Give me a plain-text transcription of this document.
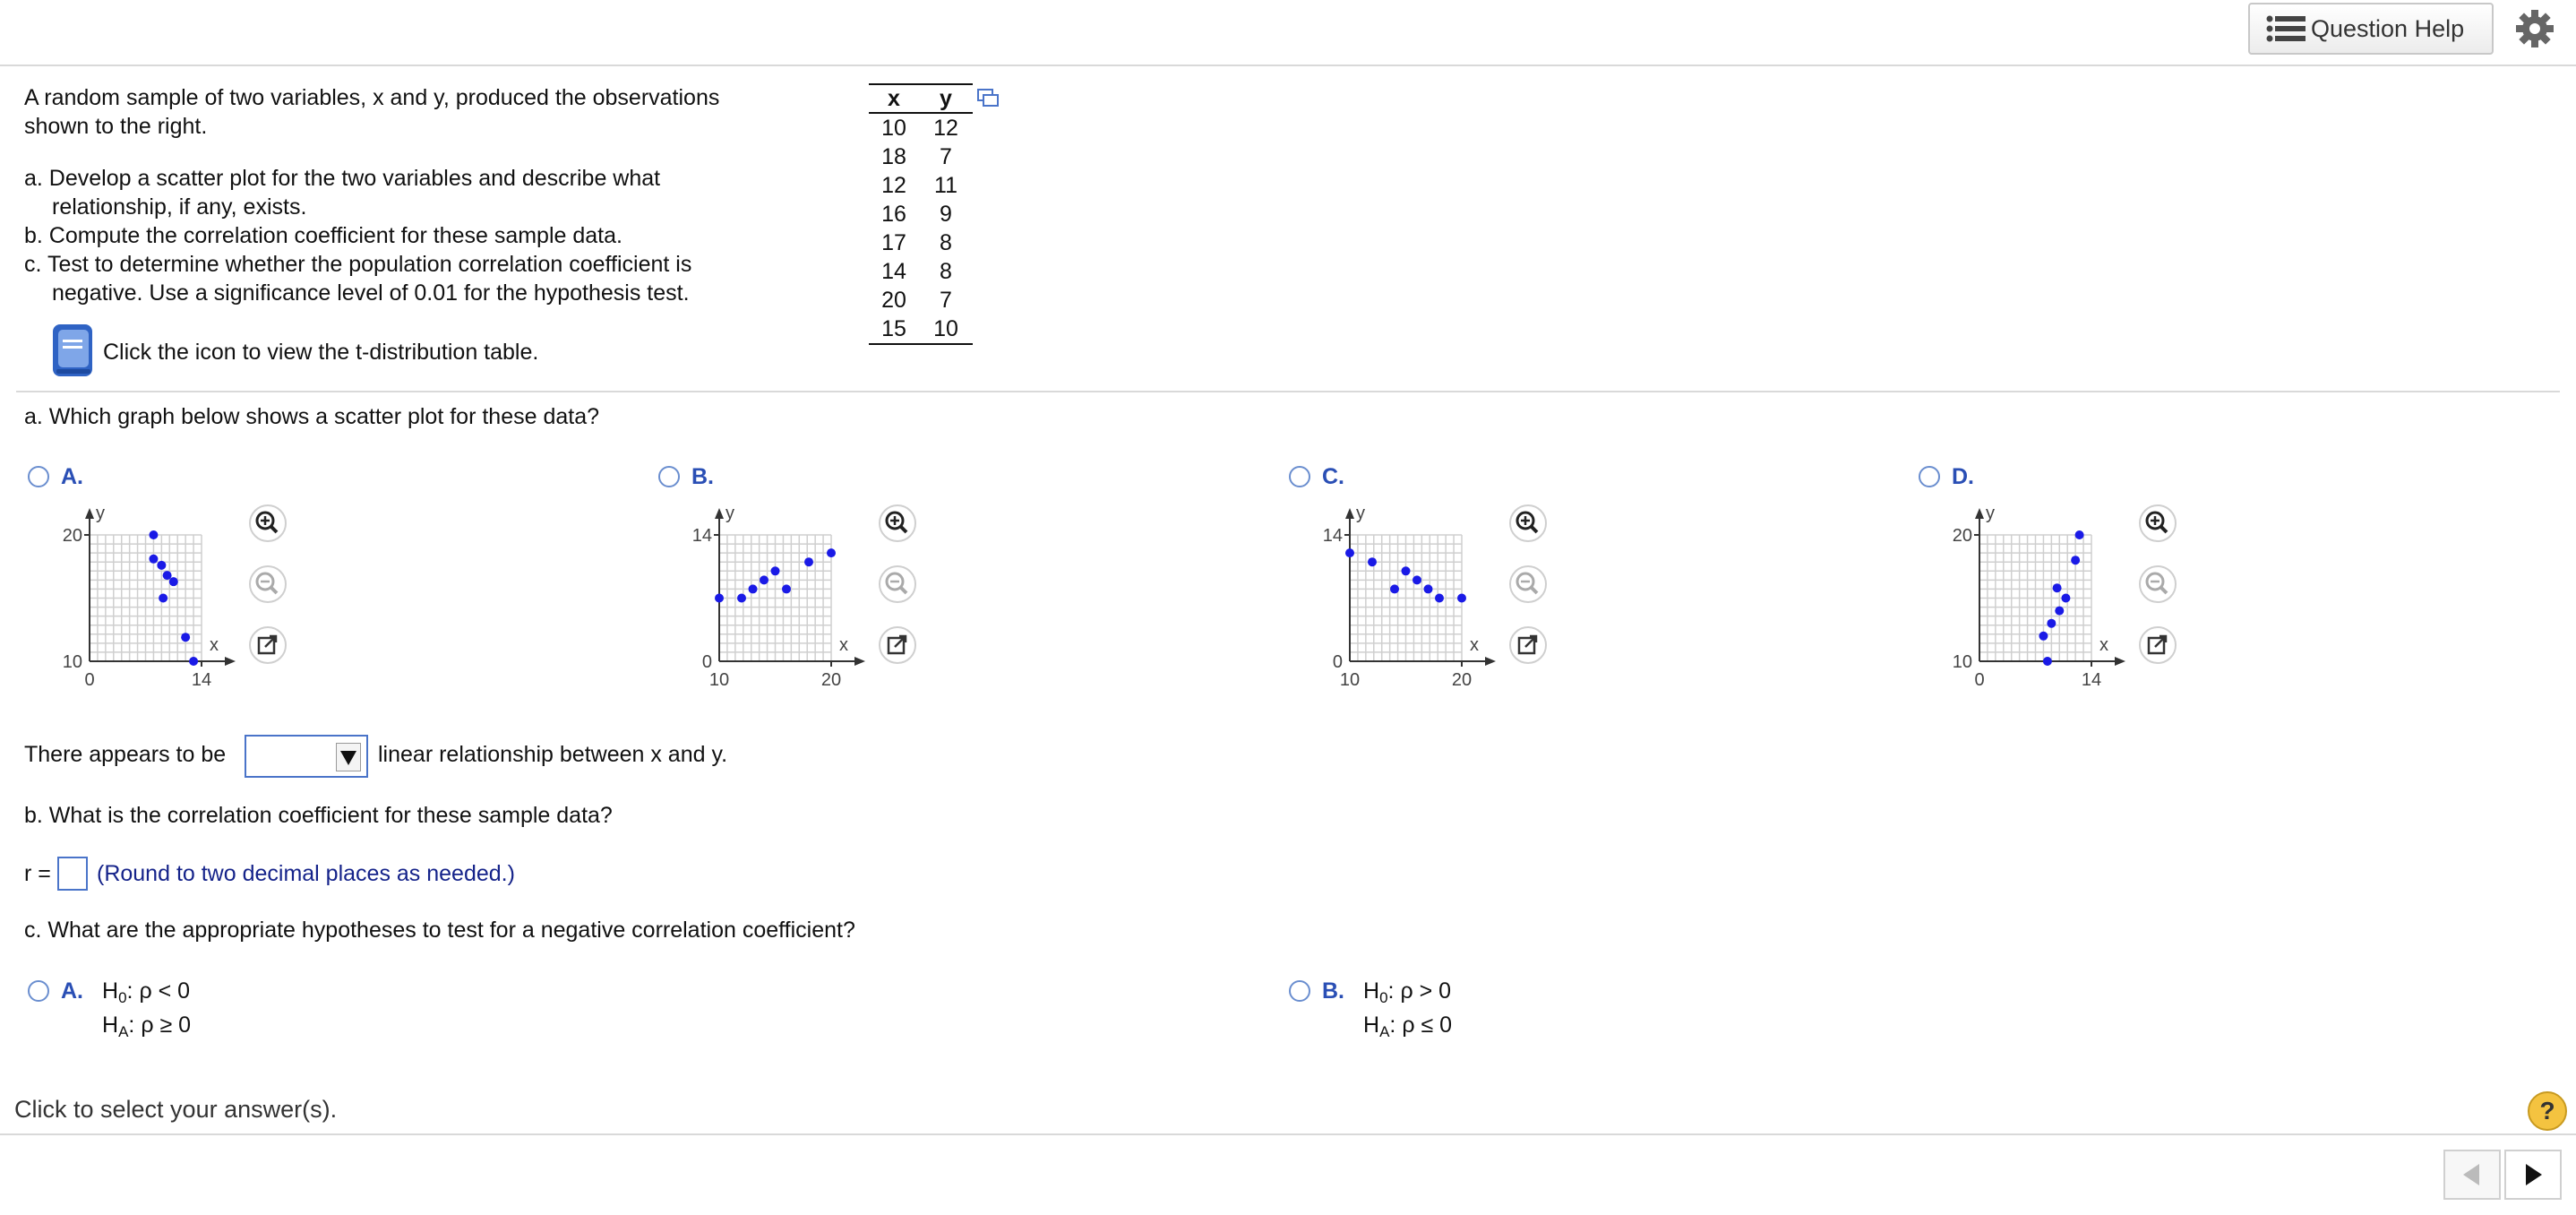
Question Help
A random sample of two variables, x and y, produced the observations
shown to the right.
a. Develop a scatter plot for the two variables and describe what
relationship, if any, exists.
b. Compute the correlation coefficient for these sample data.
c. Test to determine whether the population correlation coefficient is
negative. Use a significance level of 0.01 for the hypothesis test.
Click the icon to view the t-distribution table.
x	y
10	12
18	7
12	11
16	9
17	8
14	8
20	7
15	10
a. Which graph below shows a scatter plot for these data?
A.	B.	C.	D.
20
10
0	14
x
y
14
0
10	20
x
y
14
0
10	20
x
y
20
10
0	14
x
y
There appears to be	linear relationship between x and y.
b. What is the correlation coefficient for these sample data?
r = (Round to two decimal places as needed.)
c. What are the appropriate hypotheses to test for a negative correlation coefficient?
A. $H_0$: ρ < 0
$H_A$: ρ ≥ 0
B. $H_0$: ρ > 0
$H_A$: ρ ≤ 0
Click to select your answer(s).	?
